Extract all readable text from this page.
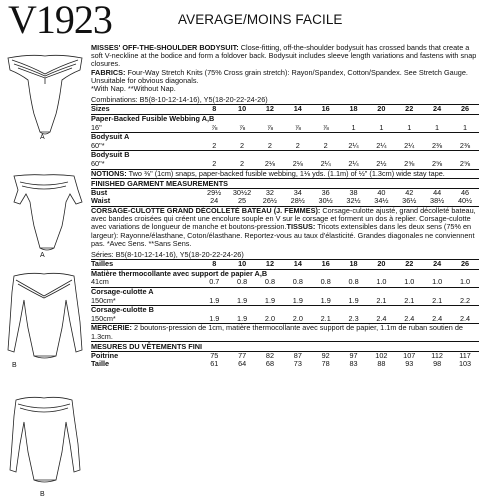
V1923	AVERAGE/MOINS FACILE
A
A
B
B
MISSES' OFF-THE-SHOULDER BODYSUIT: Close-fitting, off-the-shoulder bodysuit has crossed bands that create a soft V-neckline at the bodice and form a foldover back. Bodysuit includes sleeve length variations and fastens with snap closures.
FABRICS: Four-Way Stretch Knits (75% Cross grain stretch): Rayon/Spandex, Cotton/Spandex. See Stretch Gauge. Unsuitable for obvious diagonals.
*With Nap. **Without Nap.
Combinations: B5(8-10-12-14-16), Y5(18-20-22-24-26)
Sizes	8	10	12	14	16	18	20	22	24	26
Paper-Backed Fusible Webbing A,B										
16"	⅞	⅞	⅞	⅞	⅞	1	1	1	1	1
Bodysuit A										
60"*	2	2	2	2	2	2¼	2¼	2¼	2⅜	2⅜
Bodysuit B										
60"*	2	2	2⅛	2⅛	2¼	2¼	2½	2⅝	2⅝	2⅝
NOTIONS: Two ⅜" (1cm) snaps, paper-backed fusible webbing, 1⅛ yds. (1.1m) of ½" (1.3cm) wide stay tape.
FINISHED GARMENT MEASUREMENTS
Bust	29½	30½2	32	34	36	38	40	42	44	46
Waist	24	25	26½	28½	30½	32½	34½	36½	38½	40½
CORSAGE-CULOTTE GRAND DÉCOLLETÉ BATEAU (J. FEMMES): Corsage-culotte ajusté, grand décolleté bateau, avec bandes croisées qui créent une encolure souple en V sur le corsage et forment un dos à replier. Corsage-culotte avec variations de longueur de manche et boutons-pression.TISSUS: Tricots extensibles dans les deux sens (75% en largeur): Rayonne/élasthane, Coton/élasthane. Reportez-vous au taux d'élasticité. Grandes diagonales ne conviennent pas. *Avec Sens. **Sans Sens.
Séries: B5(8-10-12-14-16), Y5(18-20-22-24-26)
Tailles	8	10	12	14	16	18	20	22	24	26
Matière thermocollante avec support de papier A,B										
41cm	0.7	0.8	0.8	0.8	0.8	0.8	1.0	1.0	1.0	1.0
Corsage-culotte A										
150cm*	1.9	1.9	1.9	1.9	1.9	1.9	2.1	2.1	2.1	2.2
Corsage-culotte B										
150cm*	1.9	1.9	2.0	2.0	2.1	2.3	2.4	2.4	2.4	2.4
MERCERIE: 2 boutons-pression de 1cm, matière thermocollante avec support de papier, 1.1m de ruban soutien de 1.3cm.
MESURES DU VÊTEMENTS FINI
Poitrine	75	77	82	87	92	97	102	107	112	117
Taille	61	64	68	73	78	83	88	93	98	103
